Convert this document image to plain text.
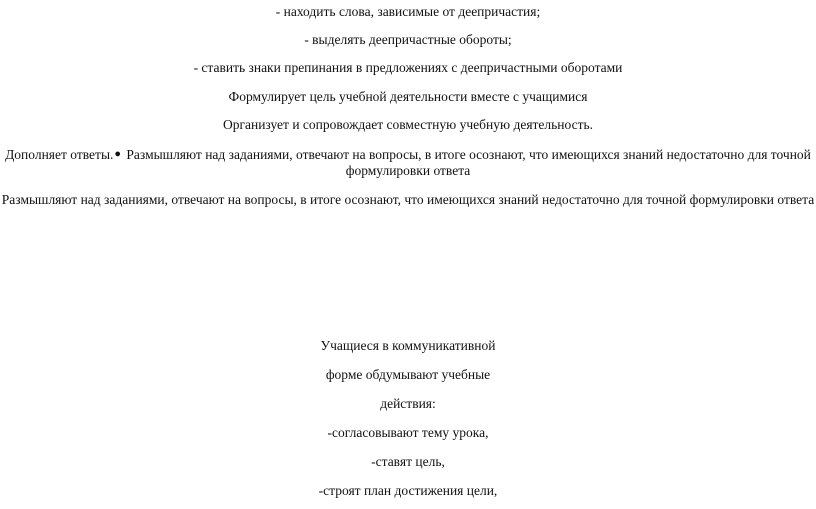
- находить слова, зависимые от деепричастия;
- выделять деепричастные обороты;
- ставить знаки препинания в предложениях с деепричастными оборотами
Формулирует цель учебной деятельности вместе с учащимися
Организует и сопровождает совместную учебную деятельность.
Дополняет ответы.● Размышляют над заданиями, отвечают на вопросы, в итоге осознают, что имеющихся знаний недостаточно для точной
формулировки ответа
Размышляют над заданиями, отвечают на вопросы, в итоге осознают, что имеющихся знаний недостаточно для точной формулировки ответа
Учащиеся в коммуникативной
форме обдумывают учебные
действия:
-согласовывают тему урока,
-ставят цель,
-строят план достижения цели,
